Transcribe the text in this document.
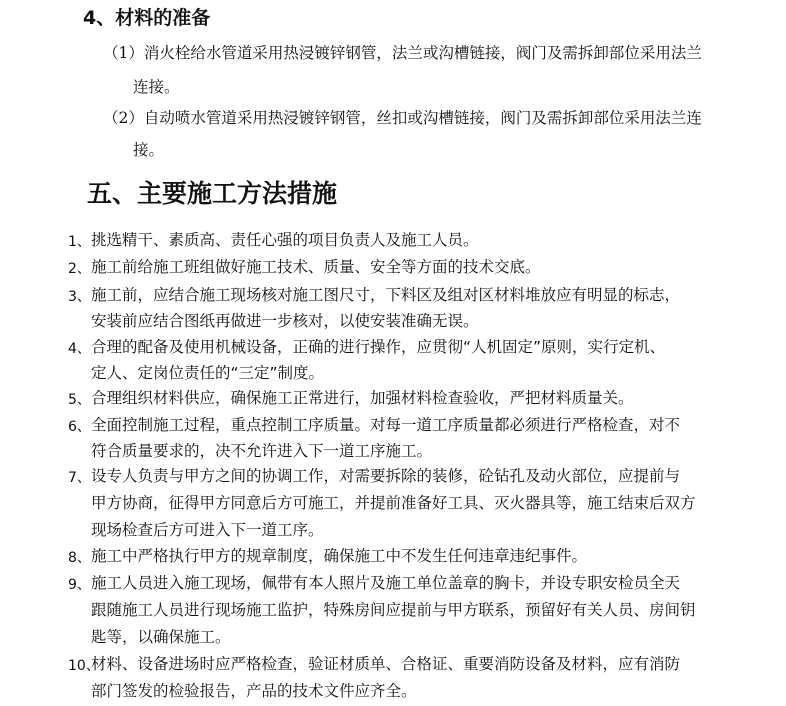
4、材料的准备
（1）消火栓给水管道采用热浸镀锌钢管，法兰或沟槽链接，阀门及需拆卸部位采用法兰
连接。
（2）自动喷水管道采用热浸镀锌钢管，丝扣或沟槽链接，阀门及需拆卸部位采用法兰连
接。
五、主要施工方法措施
1、 挑选精干、素质高、责任心强的项目负责人及施工人员。
2、 施工前给施工班组做好施工技术、质量、安全等方面的技术交底。
3、 施工前，应结合施工现场核对施工图尺寸，下料区及组对区材料堆放应有明显的标志，
安装前应结合图纸再做进一步核对，以使安装准确无误。
4、 合理的配备及使用机械设备，正确的进行操作，应贯彻“人机固定”原则，实行定机、
定人、定岗位责任的“三定”制度。
5、 合理组织材料供应，确保施工正常进行，加强材料检查验收，严把材料质量关。
6、 全面控制施工过程，重点控制工序质量。对每一道工序质量都必须进行严格检查，对不
符合质量要求的，决不允许进入下一道工序施工。
7、 设专人负责与甲方之间的协调工作，对需要拆除的装修，砼钻孔及动火部位，应提前与
甲方协商，征得甲方同意后方可施工，并提前准备好工具、灭火器具等，施工结束后双方
现场检查后方可进入下一道工序。
8、 施工中严格执行甲方的规章制度，确保施工中不发生任何违章违纪事件。
9、 施工人员进入施工现场，佩带有本人照片及施工单位盖章的胸卡，并设专职安检员全天
跟随施工人员进行现场施工监护，特殊房间应提前与甲方联系，预留好有关人员、房间钥
匙等，以确保施工。
10、
材料、设备进场时应严格检查，验证材质单、合格证、重要消防设备及材料，应有消防
部门签发的检验报告，产品的技术文件应齐全。
